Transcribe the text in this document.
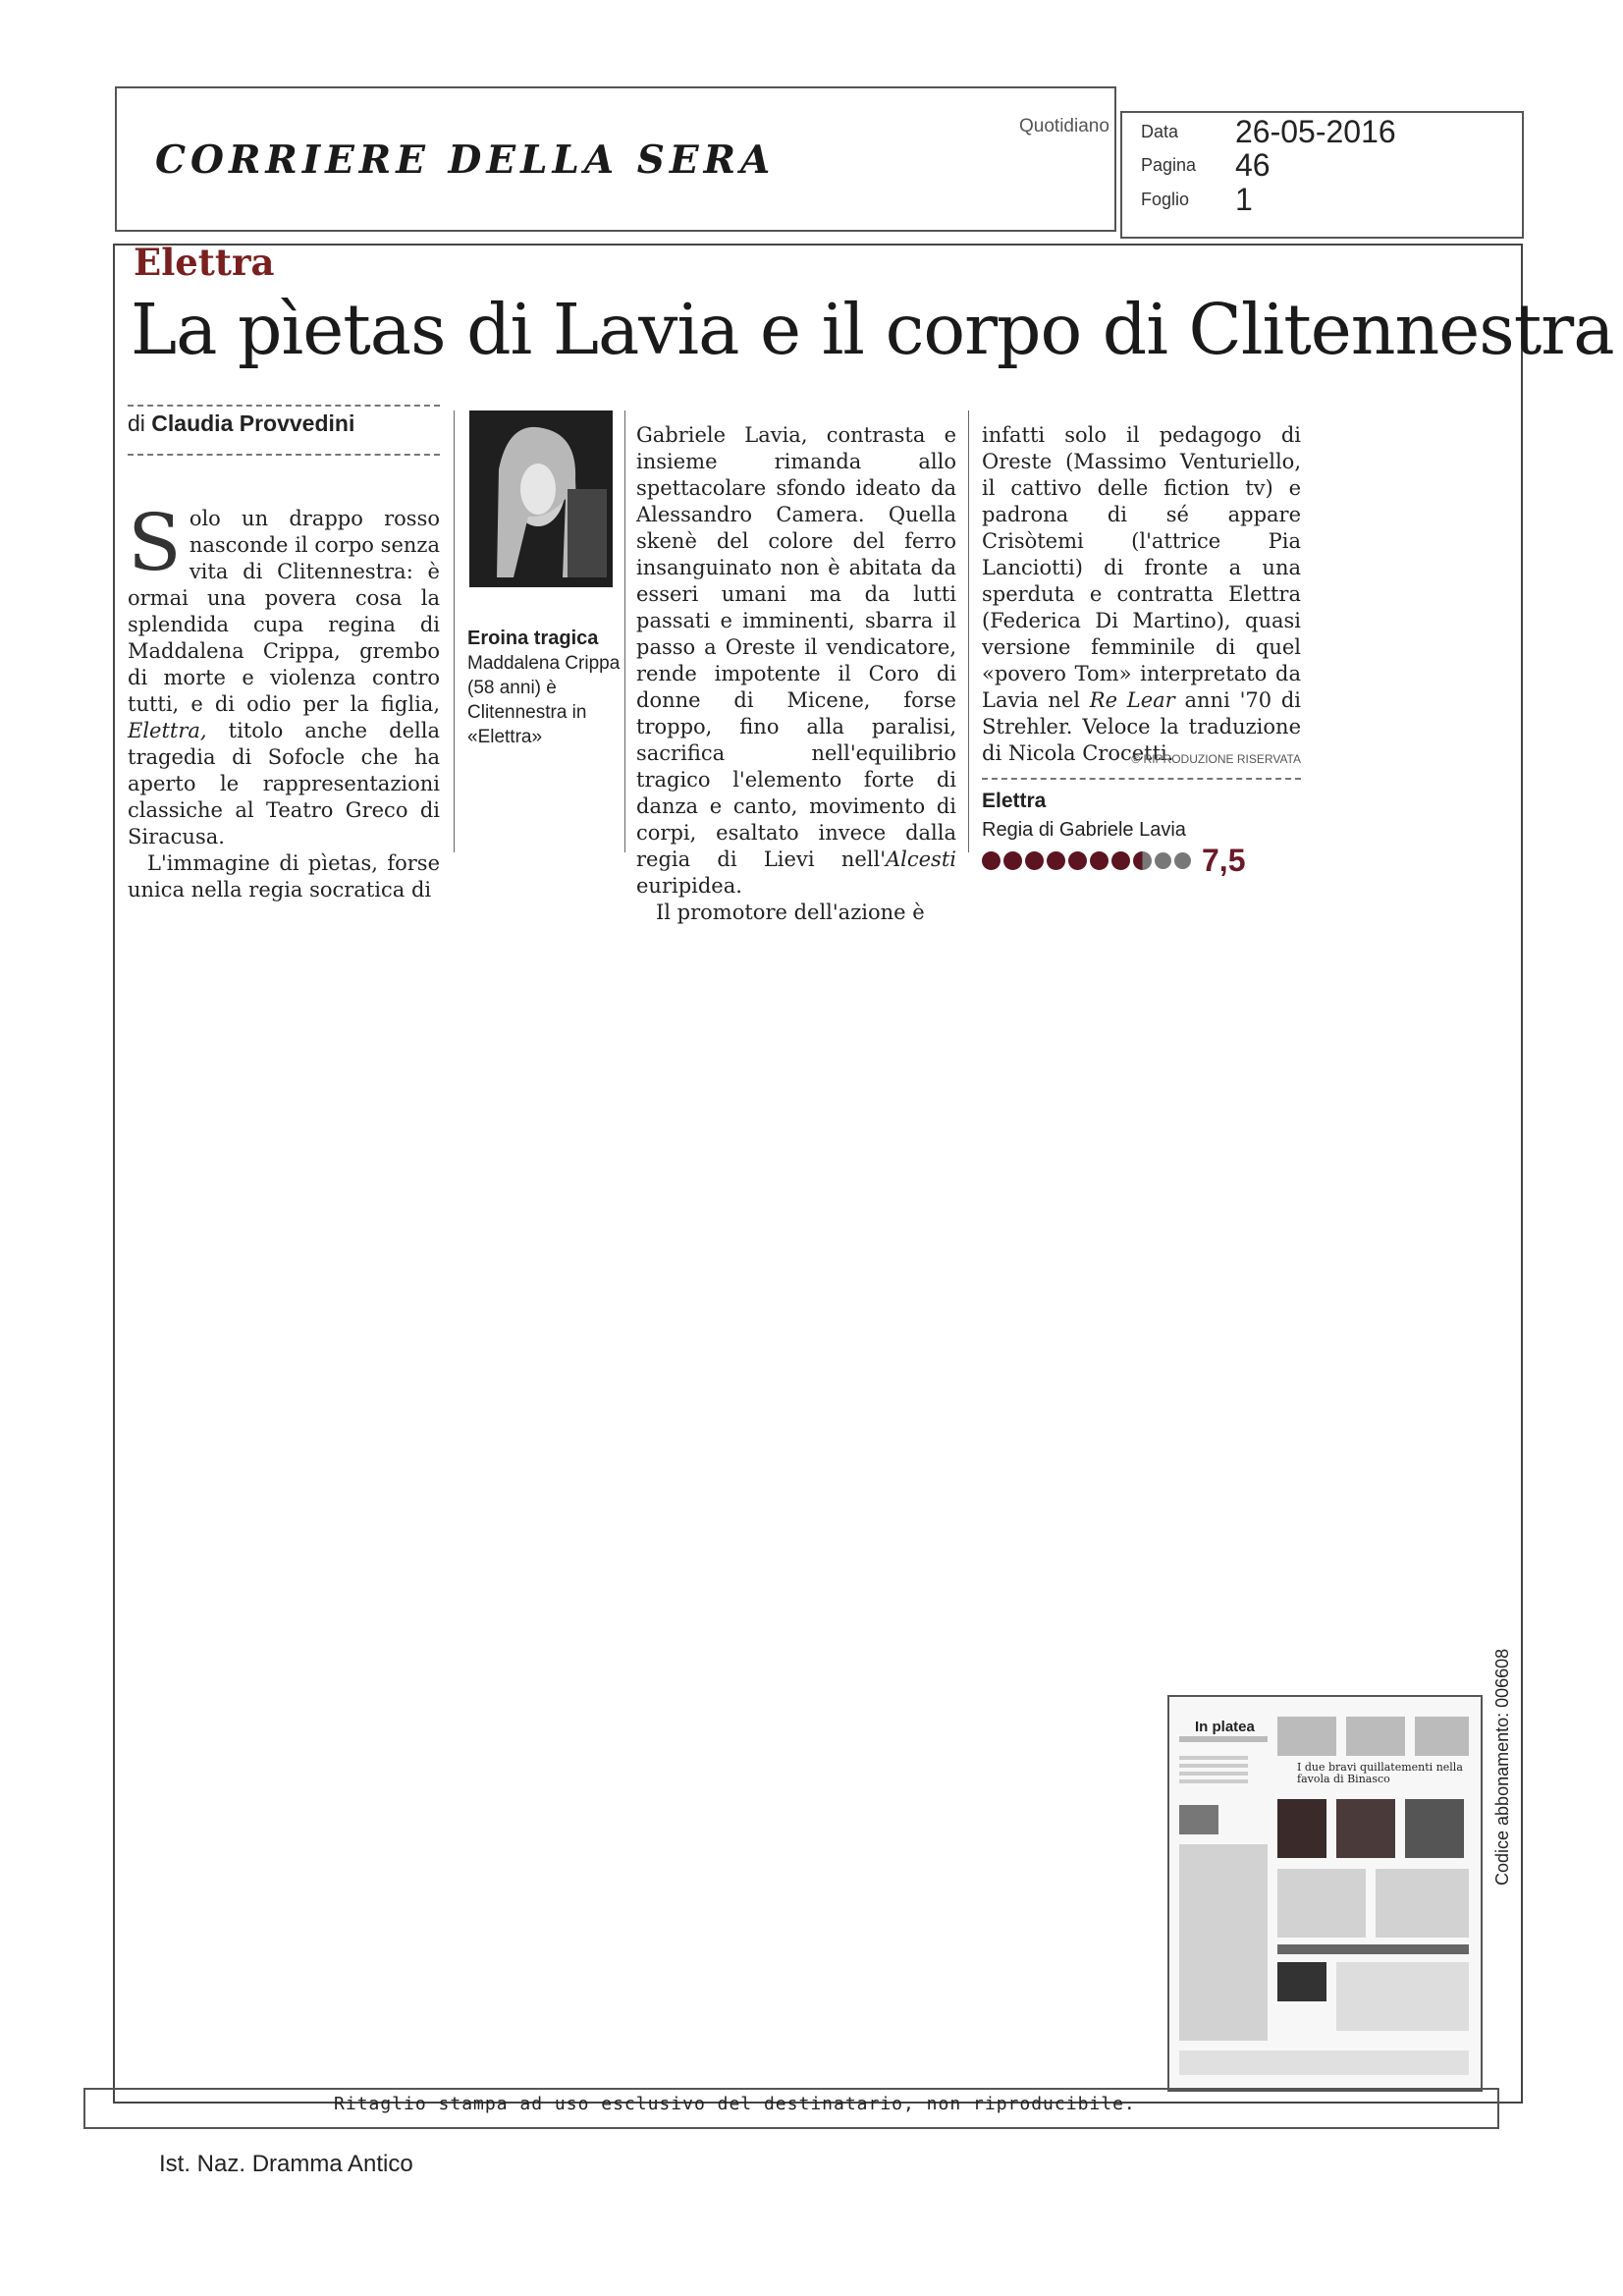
CORRIERE DELLA SERA
Quotidiano Data 26-05-2016
Pagina 46
Foglio 1
Elettra
La pìetas di Lavia e il corpo di Clitennestra
di Claudia Provvedini

S olo un drappo rosso nasconde il corpo senza vita di Clitennestra: è ormai una povera cosa la splendida cupa regina di Maddalena Crippa, grembo di morte e violenza contro tutti, e di odio per la figlia, Elettra, titolo anche della tragedia di Sofocle che ha aperto le rappresentazioni classiche al Teatro Greco di Siracusa.

L'immagine di pìetas, forse unica nella regia socratica di

Eroina tragica
Maddalena Crippa (58 anni) è Clitennestra in «Elettra»

Gabriele Lavia, contrasta e insieme rimanda allo spettacolare sfondo ideato da Alessandro Camera. Quella skenè del colore del ferro insanguinato non è abitata da esseri umani ma da lutti passati e imminenti, sbarra il passo a Oreste il vendicatore, rende impotente il Coro di donne di Micene, forse troppo, fino alla paralisi, sacrifica nell'equilibrio tragico l'elemento forte di danza e canto, movimento di corpi, esaltato invece dalla regia di Lievi nell'Alcesti euripidea.

Il promotore dell'azione è

infatti solo il pedagogo di Oreste (Massimo Venturiello, il cattivo delle fiction tv) e padrona di sé appare Crisòtemi (l'attrice Pia Lanciotti) di fronte a una sperduta e contratta Elettra (Federica Di Martino), quasi versione femminile di quel «povero Tom» interpretato da Lavia nel Re Lear anni '70 di Strehler. Veloce la traduzione di Nicola Crocetti.

© RIPRODUZIONE RISERVATA
Elettra
Regia di Gabriele Lavia
7,5
In platea
I due bravi quillatementi nella favola di Binasco
Ritaglio stampa ad uso esclusivo del destinatario, non riproducibile.
Codice abbonamento: 006608
Ist. Naz. Dramma Antico
